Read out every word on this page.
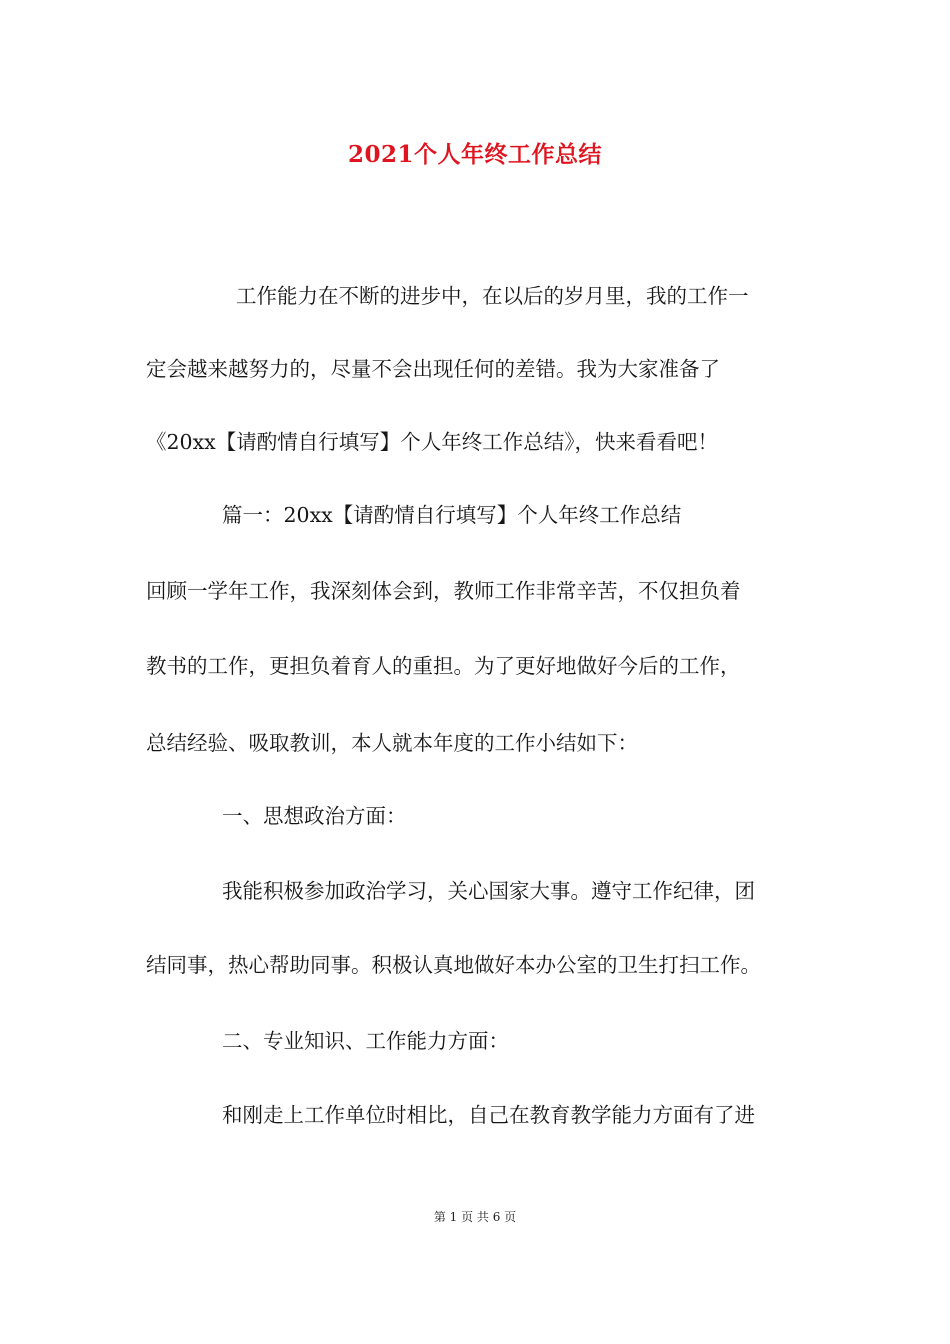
2021个人年终工作总结
工作能力在不断的进步中，在以后的岁月里，我的工作一
定会越来越努力的，尽量不会出现任何的差错。我为大家准备了
《20xx【请酌情自行填写】个人年终工作总结》，快来看看吧！
篇一：20xx【请酌情自行填写】个人年终工作总结
回顾一学年工作，我深刻体会到，教师工作非常辛苦，不仅担负着
教书的工作，更担负着育人的重担。为了更好地做好今后的工作，
总结经验、吸取教训，本人就本年度的工作小结如下：
一、思想政治方面：
我能积极参加政治学习，关心国家大事。遵守工作纪律，团
结同事，热心帮助同事。积极认真地做好本办公室的卫生打扫工作。
二、专业知识、工作能力方面：
和刚走上工作单位时相比，自己在教育教学能力方面有了进
第 1 页 共 6 页
